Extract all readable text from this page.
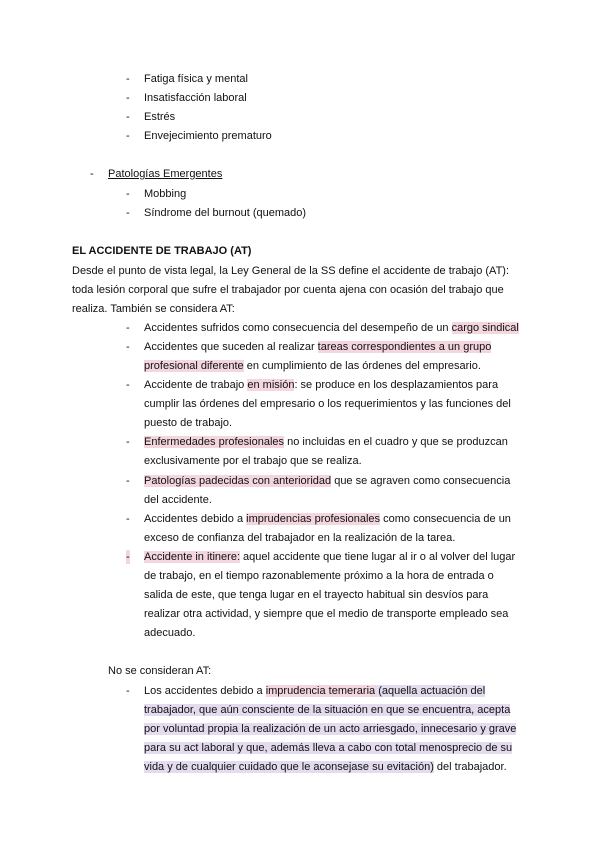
- Fatiga física y mental
- Insatisfacción laboral
- Estrés
- Envejecimiento prematuro
- Patologías Emergentes
- Mobbing
- Síndrome del burnout (quemado)
EL ACCIDENTE DE TRABAJO (AT)
Desde el punto de vista legal, la Ley General de la SS define el accidente de trabajo (AT):
toda lesión corporal que sufre el trabajador por cuenta ajena con ocasión del trabajo que
realiza. También se considera AT:
- Accidentes sufridos como consecuencia del desempeño de un cargo sindical
- Accidentes que suceden al realizar tareas correspondientes a un grupo
profesional diferente en cumplimiento de las órdenes del empresario.
- Accidente de trabajo en misión: se produce en los desplazamientos para
cumplir las órdenes del empresario o los requerimientos y las funciones del
puesto de trabajo.
- Enfermedades profesionales no incluidas en el cuadro y que se produzcan
exclusivamente por el trabajo que se realiza.
- Patologías padecidas con anterioridad que se agraven como consecuencia
del accidente.
- Accidentes debido a imprudencias profesionales como consecuencia de un
exceso de confianza del trabajador en la realización de la tarea.
- Accidente in itinere: aquel accidente que tiene lugar al ir o al volver del lugar
de trabajo, en el tiempo razonablemente próximo a la hora de entrada o
salida de este, que tenga lugar en el trayecto habitual sin desvíos para
realizar otra actividad, y siempre que el medio de transporte empleado sea
adecuado.
No se consideran AT:
- Los accidentes debido a imprudencia temeraria (aquella actuación del
trabajador, que aún consciente de la situación en que se encuentra, acepta
por voluntad propia la realización de un acto arriesgado, innecesario y grave
para su act laboral y que, además lleva a cabo con total menosprecio de su
vida y de cualquier cuidado que le aconsejase su evitación) del trabajador.
